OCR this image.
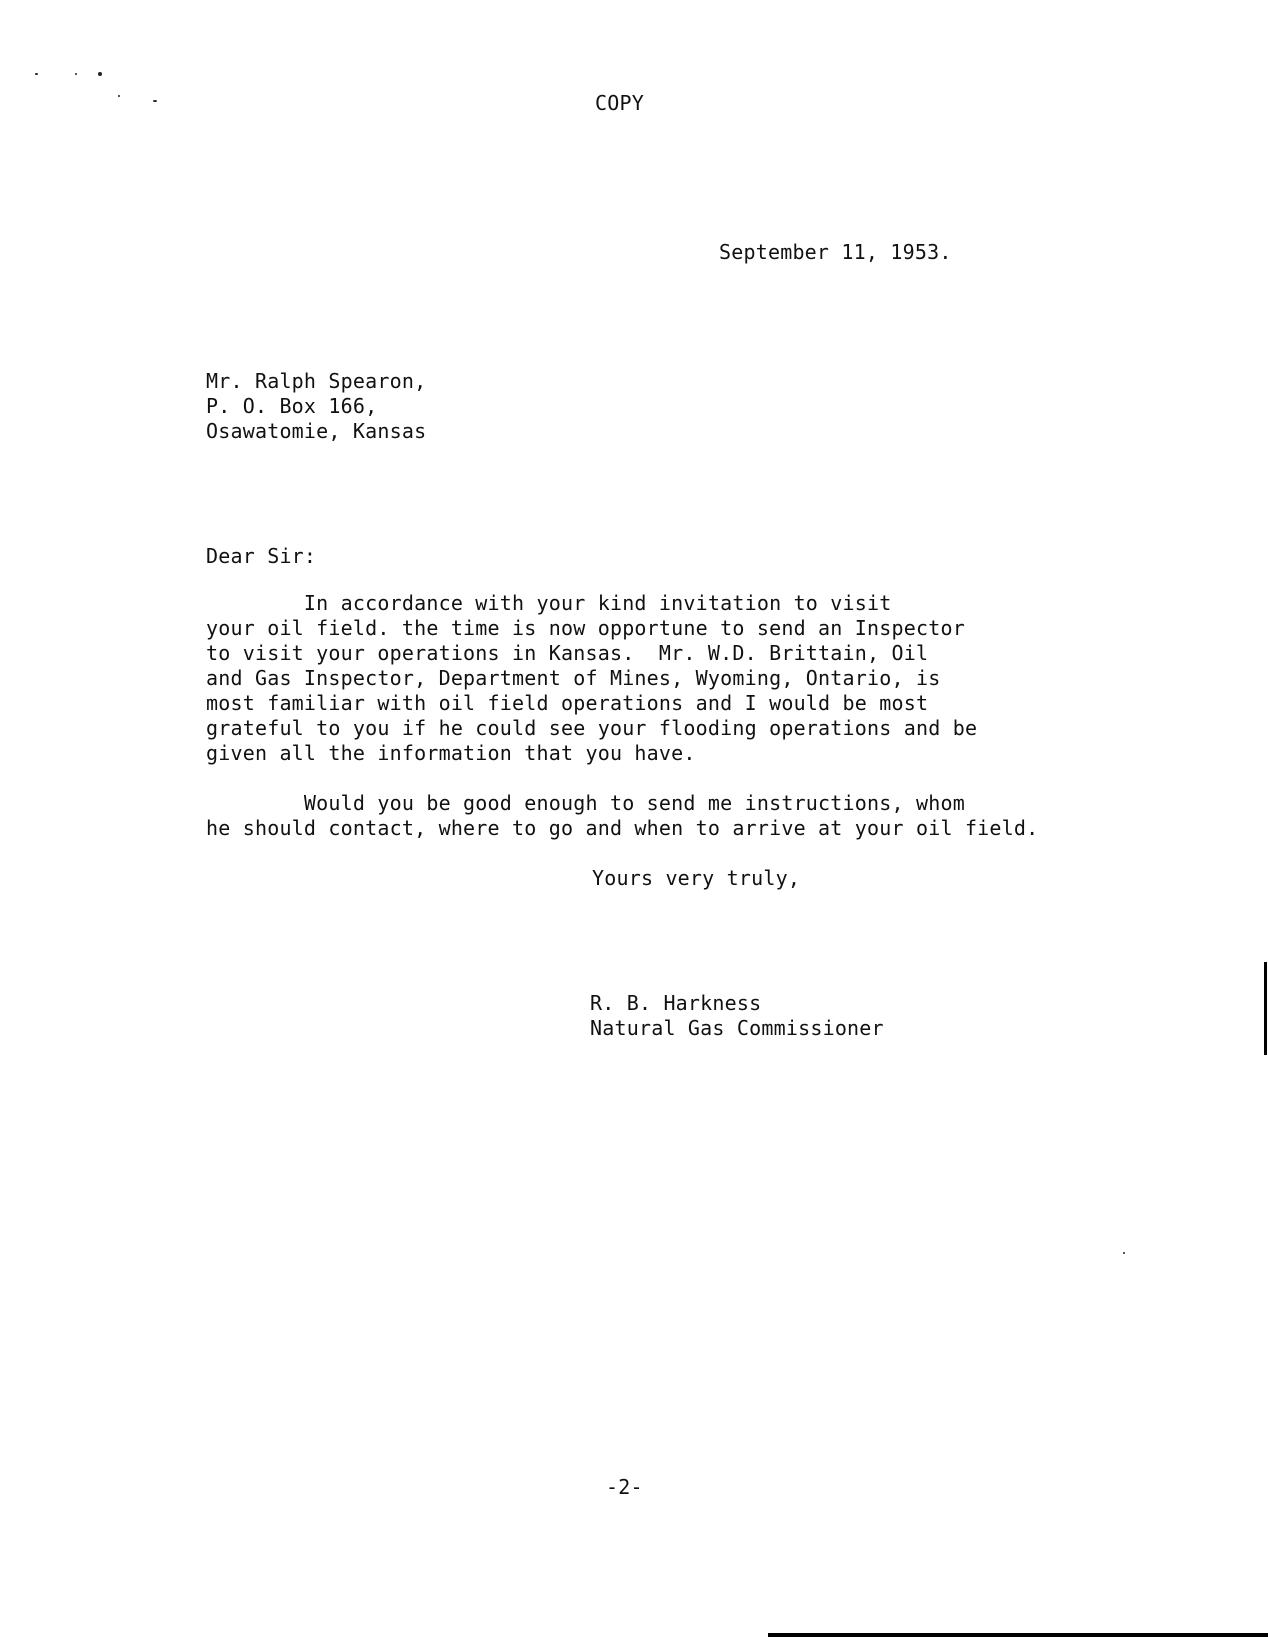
COPY
September 11, 1953.
Mr. Ralph Spearon,
P. O. Box 166,
Osawatomie, Kansas
Dear Sir:
In accordance with your kind invitation to visit
your oil field. the time is now opportune to send an Inspector
to visit your operations in Kansas.  Mr. W.D. Brittain, Oil
and Gas Inspector, Department of Mines, Wyoming, Ontario, is
most familiar with oil field operations and I would be most
grateful to you if he could see your flooding operations and be
given all the information that you have.
Would you be good enough to send me instructions, whom
he should contact, where to go and when to arrive at your oil field.
Yours very truly,
R. B. Harkness
Natural Gas Commissioner
-2-
